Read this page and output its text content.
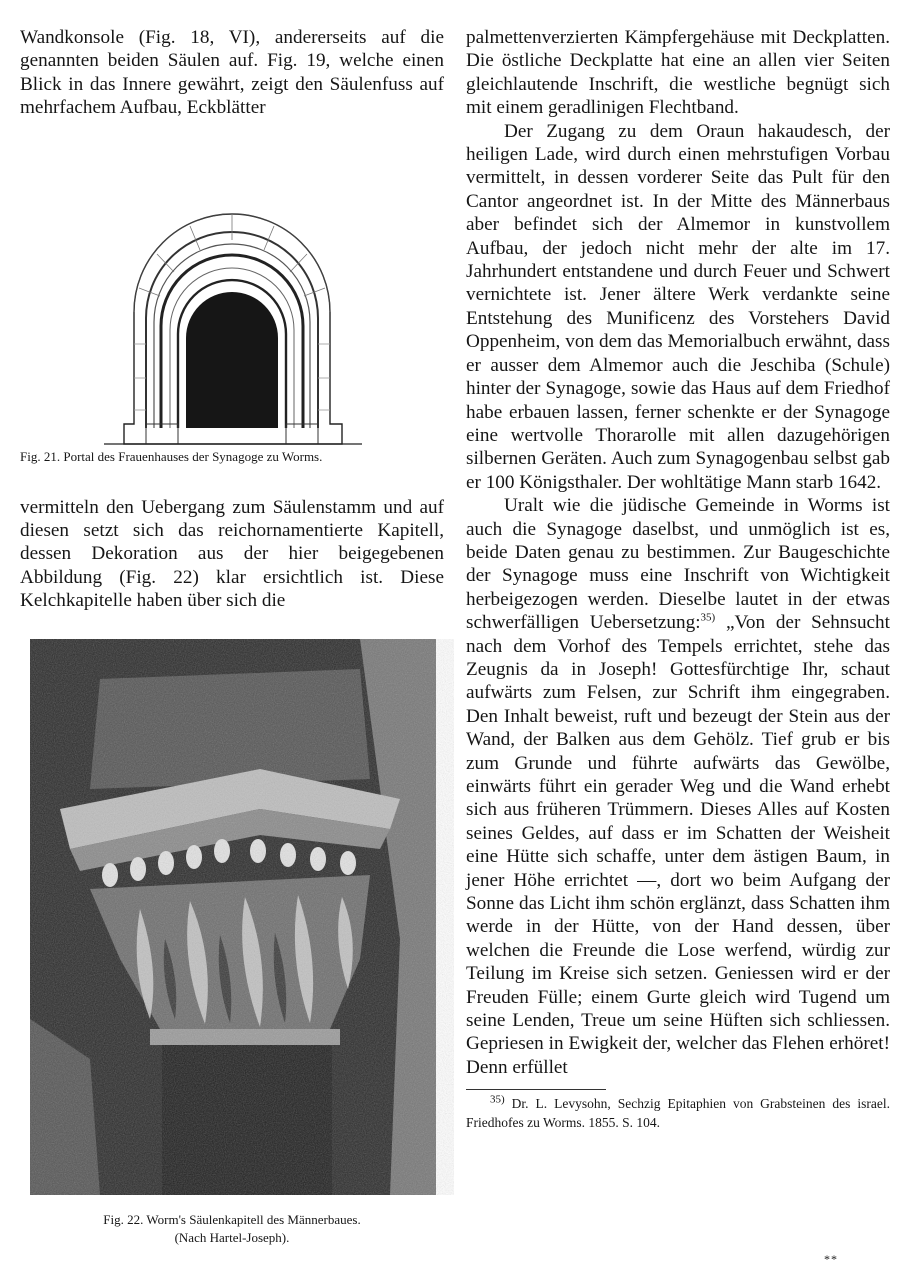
Wandkonsole (Fig. 18, VI), andererseits auf die genannten beiden Säulen auf. Fig. 19, welche einen Blick in das Innere gewährt, zeigt den Säulenfuss auf mehrfachem Aufbau, Eckblätter

Fig. 21. Portal des Frauenhauses der Synagoge zu Worms.

vermitteln den Uebergang zum Säulenstamm und auf diesen setzt sich das reichornamentierte Kapitell, dessen Dekoration aus der hier beigegebenen Abbildung (Fig. 22) klar ersichtlich ist. Diese Kelchkapitelle haben über sich die

Fig. 22. Worm's Säulenkapitell des Männerbaues.

(Nach Hartel-Joseph).

palmettenverzierten Kämpfergehäuse mit Deckplatten. Die östliche Deckplatte hat eine an allen vier Seiten gleichlautende Inschrift, die westliche begnügt sich mit einem geradlinigen Flechtband.

Der Zugang zu dem Oraun hakaudesch, der heiligen Lade, wird durch einen mehrstufigen Vorbau vermittelt, in dessen vorderer Seite das Pult für den Cantor angeordnet ist. In der Mitte des Männerbaus aber befindet sich der Almemor in kunstvollem Aufbau, der jedoch nicht mehr der alte im 17. Jahrhundert entstandene und durch Feuer und Schwert vernichtete ist. Jener ältere Werk verdankte seine Entstehung des Munificenz des Vorstehers David Oppenheim, von dem das Memorialbuch erwähnt, dass er ausser dem Almemor auch die Jeschiba (Schule) hinter der Synagoge, sowie das Haus auf dem Friedhof habe erbauen lassen, ferner schenkte er der Synagoge eine wertvolle Thorarolle mit allen dazugehörigen silbernen Geräten. Auch zum Synagogenbau selbst gab er 100 Königsthaler. Der wohltätige Mann starb 1642.

Uralt wie die jüdische Gemeinde in Worms ist auch die Synagoge daselbst, und unmöglich ist es, beide Daten genau zu bestimmen. Zur Baugeschichte der Synagoge muss eine Inschrift von Wichtigkeit herbeigezogen werden. Dieselbe lautet in der etwas schwerfälligen Uebersetzung:$^{35)}$ „Von der Sehnsucht nach dem Vorhof des Tempels errichtet, stehe das Zeugnis da in Joseph! Gottesfürchtige Ihr, schaut aufwärts zum Felsen, zur Schrift ihm eingegraben. Den Inhalt beweist, ruft und bezeugt der Stein aus der Wand, der Balken aus dem Gehölz. Tief grub er bis zum Grunde und führte aufwärts das Gewölbe, einwärts führt ein gerader Weg und die Wand erhebt sich aus früheren Trümmern. Dieses Alles auf Kosten seines Geldes, auf dass er im Schatten der Weisheit eine Hütte sich schaffe, unter dem ästigen Baum, in jener Höhe errichtet —, dort wo beim Aufgang der Sonne das Licht ihm schön erglänzt, dass Schatten ihm werde in der Hütte, von der Hand dessen, über welchen die Freunde die Lose werfend, würdig zur Teilung im Kreise sich setzen. Geniessen wird er der Freuden Fülle; einem Gurte gleich wird Tugend um seine Lenden, Treue um seine Hüften sich schliessen. Gepriesen in Ewigkeit der, welcher das Flehen erhöret! Denn erfüllet

$^{35)}$ Dr. L. Levysohn, Sechzig Epitaphien von Grabsteinen des israel. Friedhofes zu Worms. 1855. S. 104.

**
